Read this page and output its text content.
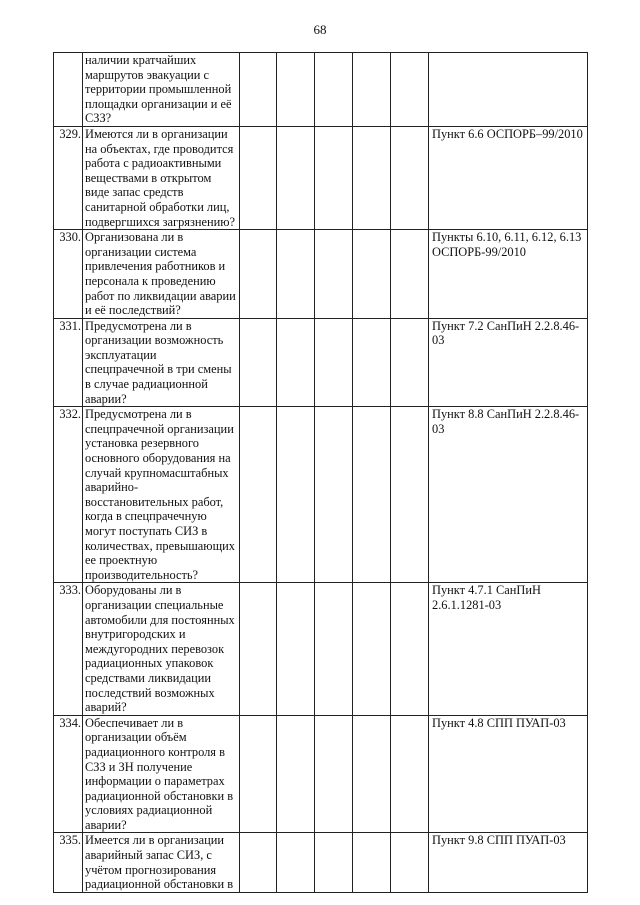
68
	наличии кратчайших маршрутов эвакуации с территории промышленной площадки организации и её СЗЗ?						
329.	Имеются ли в организации на объектах, где проводится работа с радиоактивными веществами в открытом виде запас средств санитарной обработки лиц, подвергшихся загрязнению?						Пункт 6.6 ОСПОРБ–99/2010
330.	Организована ли в организации система привлечения работников и персонала к проведению работ по ликвидации аварии и её последствий?						Пункты 6.10, 6.11, 6.12, 6.13 ОСПОРБ-99/2010
331.	Предусмотрена ли в организации возможность эксплуатации спецпрачечной в три смены в случае радиационной аварии?						Пункт 7.2 СанПиН 2.2.8.46-03
332.	Предусмотрена ли в спецпрачечной организации установка резервного основного оборудования на случай крупномасштабных аварийно-восстановительных работ, когда в спецпрачечную могут поступать СИЗ в количествах, превышающих ее проектную производительность?						Пункт 8.8 СанПиН 2.2.8.46-03
333.	Оборудованы ли в организации специальные автомобили для постоянных внутригородских и междугородних перевозок радиационных упаковок средствами ликвидации последствий возможных аварий?						Пункт 4.7.1 СанПиН 2.6.1.1281-03
334.	Обеспечивает ли в организации объём радиационного контроля в СЗЗ и ЗН получение информации о параметрах радиационной обстановки в условиях радиационной аварии?						Пункт 4.8 СПП ПУАП-03
335.	Имеется ли в организации аварийный запас СИЗ, с учётом прогнозирования радиационной обстановки в						Пункт 9.8 СПП ПУАП-03
